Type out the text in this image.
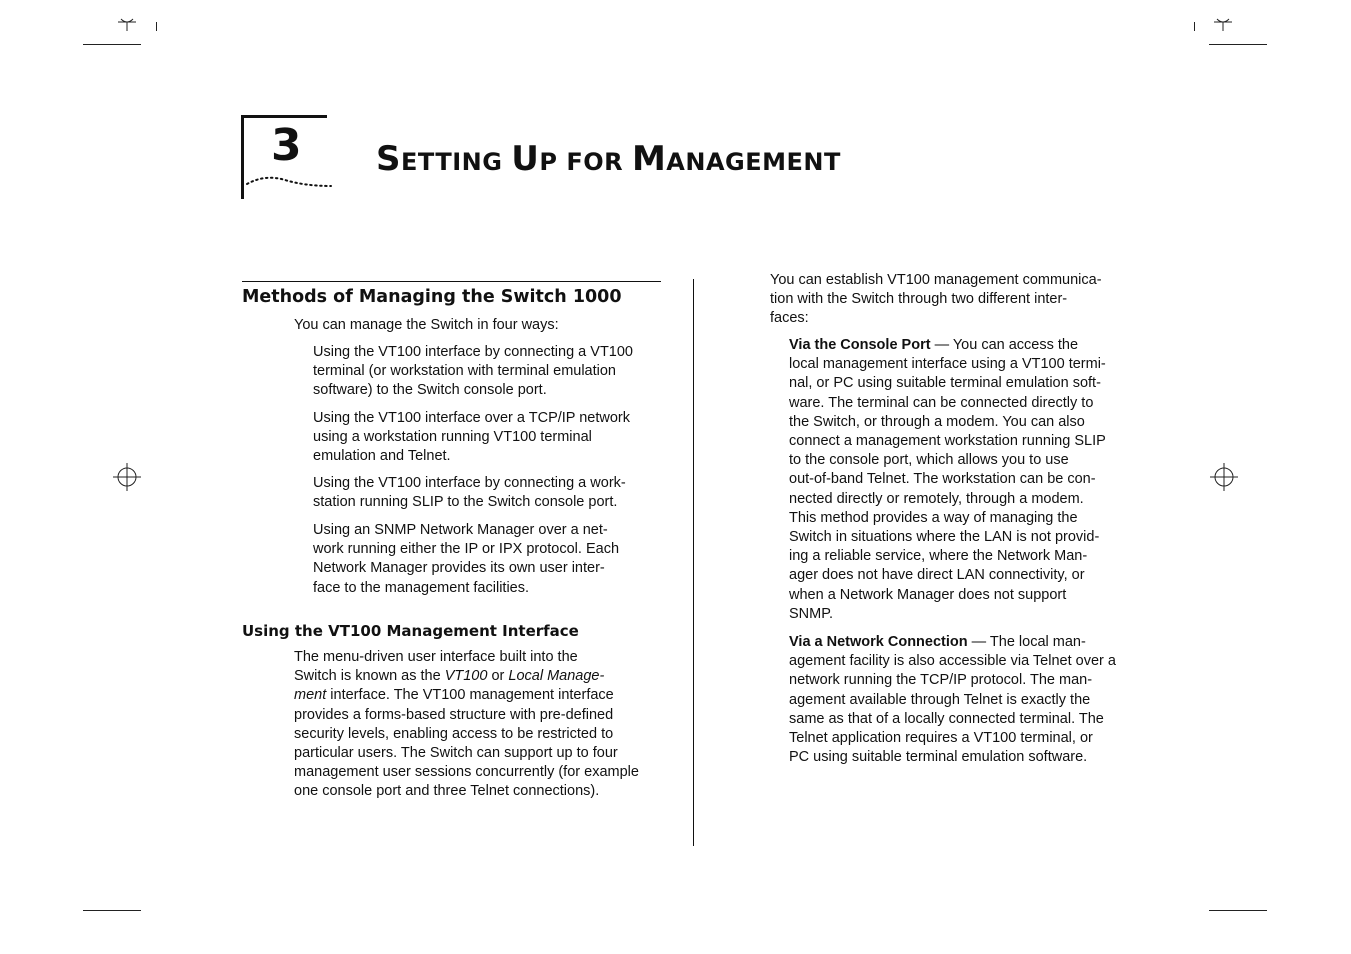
3 SETTING UP FOR MANAGEMENT
Methods of Managing the Switch 1000
You can manage the Switch in four ways:
Using the VT100 interface by connecting a VT100
terminal (or workstation with terminal emulation
software) to the Switch console port.
Using the VT100 interface over a TCP/IP network
using a workstation running VT100 terminal
emulation and Telnet.
Using the VT100 interface by connecting a work-
station running SLIP to the Switch console port.
Using an SNMP Network Manager over a net-
work running either the IP or IPX protocol. Each
Network Manager provides its own user inter-
face to the management facilities.
Using the VT100 Management Interface
The menu-driven user interface built into the
Switch is known as the VT100 or Local Manage-
ment interface. The VT100 management interface
provides a forms-based structure with pre-defined
security levels, enabling access to be restricted to
particular users. The Switch can support up to four
management user sessions concurrently (for example
one console port and three Telnet connections).
You can establish VT100 management communica-
tion with the Switch through two different inter-
faces:
Via the Console Port — You can access the
local management interface using a VT100 termi-
nal, or PC using suitable terminal emulation soft-
ware. The terminal can be connected directly to
the Switch, or through a modem. You can also
connect a management workstation running SLIP
to the console port, which allows you to use
out-of-band Telnet. The workstation can be con-
nected directly or remotely, through a modem.
This method provides a way of managing the
Switch in situations where the LAN is not provid-
ing a reliable service, where the Network Man-
ager does not have direct LAN connectivity, or
when a Network Manager does not support
SNMP.
Via a Network Connection — The local man-
agement facility is also accessible via Telnet over a
network running the TCP/IP protocol. The man-
agement available through Telnet is exactly the
same as that of a locally connected terminal. The
Telnet application requires a VT100 terminal, or
PC using suitable terminal emulation software.
